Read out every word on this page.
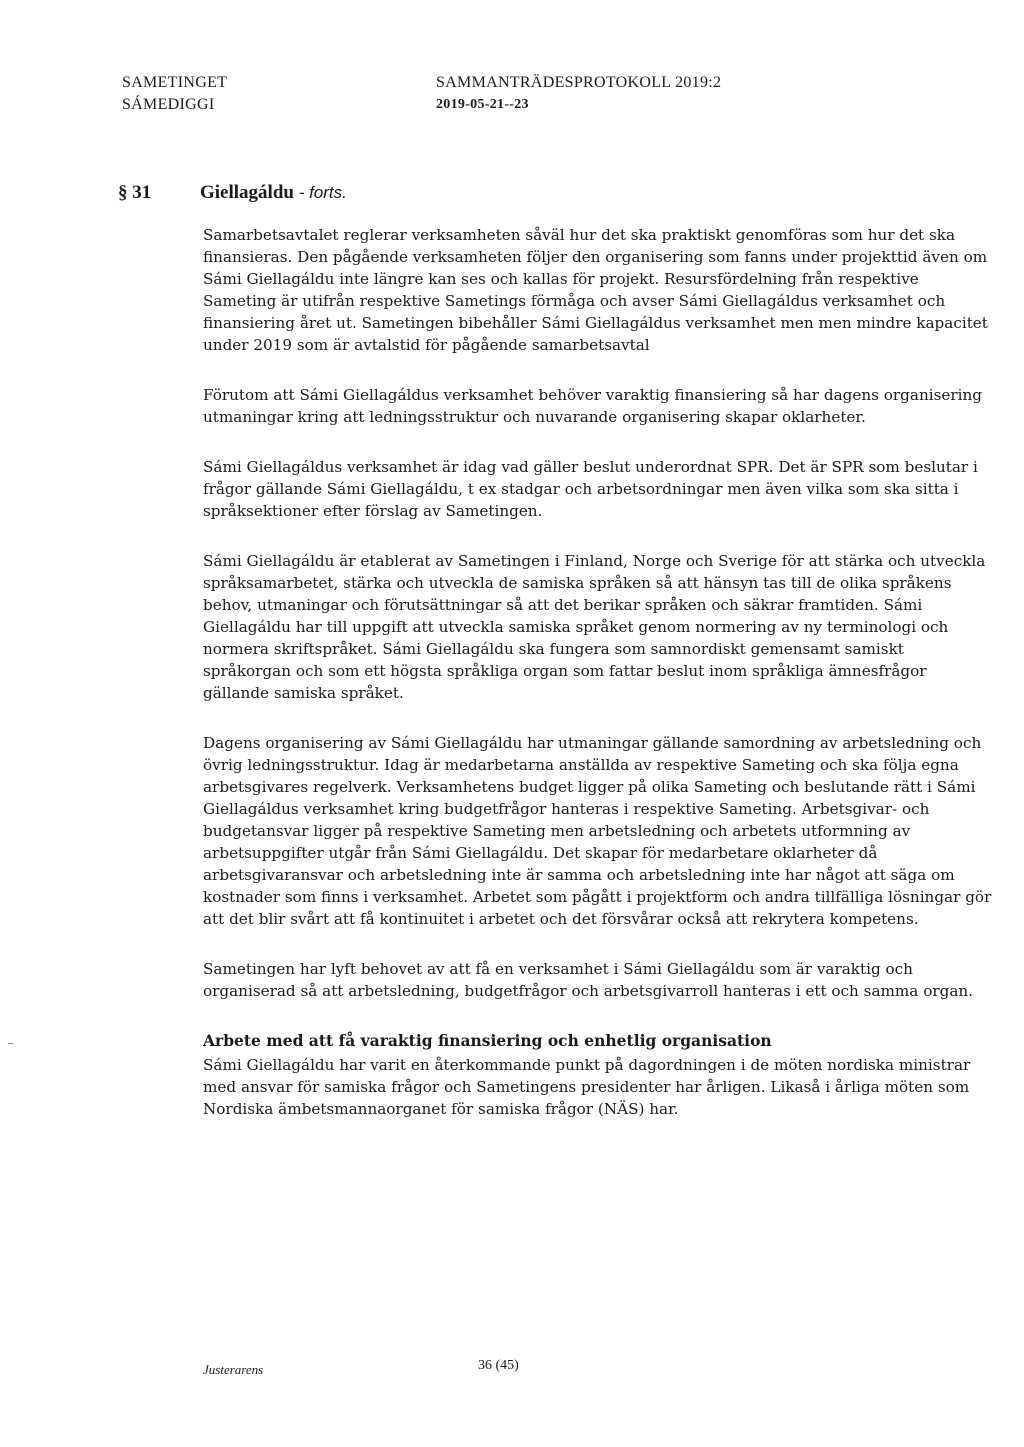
SAMETINGET
SÁMEDIGGI
SAMMANTRÄDESPROTOKOLL 2019:2
2019-05-21--23
§ 31	Giellagáldu - forts.

Samarbetsavtalet reglerar verksamheten såväl hur det ska praktiskt genomföras som hur det ska finansieras. Den pågående verksamheten följer den organisering som fanns under projekttid även om Sámi Giellagáldu inte längre kan ses och kallas för projekt. Resursfördelning från respektive Sameting är utifrån respektive Sametings förmåga och avser Sámi Giellagáldus verksamhet och finansiering året ut. Sametingen bibehåller Sámi Giellagáldus verksamhet men men mindre kapacitet under 2019 som är avtalstid för pågående samarbetsavtal

Förutom att Sámi Giellagáldus verksamhet behöver varaktig finansiering så har dagens organisering utmaningar kring att ledningsstruktur och nuvarande organisering skapar oklarheter.

Sámi Giellagáldus verksamhet är idag vad gäller beslut underordnat SPR. Det är SPR som beslutar i frågor gällande Sámi Giellagáldu, t ex stadgar och arbetsordningar men även vilka som ska sitta i språksektioner efter förslag av Sametingen.

Sámi Giellagáldu är etablerat av Sametingen i Finland, Norge och Sverige för att stärka och utveckla språksamarbetet, stärka och utveckla de samiska språken så att hänsyn tas till de olika språkens behov, utmaningar och förutsättningar så att det berikar språken och säkrar framtiden. Sámi Giellagáldu har till uppgift att utveckla samiska språket genom normering av ny terminologi och normera skriftspråket. Sámi Giellagáldu ska fungera som samnordiskt gemensamt samiskt språkorgan och som ett högsta språkliga organ som fattar beslut inom språkliga ämnesfrågor gällande samiska språket.

Dagens organisering av Sámi Giellagáldu har utmaningar gällande samordning av arbetsledning och övrig ledningsstruktur. Idag är medarbetarna anställda av respektive Sameting och ska följa egna arbetsgivares regelverk. Verksamhetens budget ligger på olika Sameting och beslutande rätt i Sámi Giellagáldus verksamhet kring budgetfrågor hanteras i respektive Sameting. Arbetsgivar- och budgetansvar ligger på respektive Sameting men arbetsledning och arbetets utformning av arbetsuppgifter utgår från Sámi Giellagáldu. Det skapar för medarbetare oklarheter då arbetsgivaransvar och arbetsledning inte är samma och arbetsledning inte har något att säga om kostnader som finns i verksamhet. Arbetet som pågått i projektform och andra tillfälliga lösningar gör att det blir svårt att få kontinuitet i arbetet och det försvårar också att rekrytera kompetens.

Sametingen har lyft behovet av att få en verksamhet i Sámi Giellagáldu som är varaktig och organiserad så att arbetsledning, budgetfrågor och arbetsgivarroll hanteras i ett och samma organ.

Arbete med att få varaktig finansiering och enhetlig organisation

Sámi Giellagáldu har varit en återkommande punkt på dagordningen i de möten nordiska ministrar med ansvar för samiska frågor och Sametingens presidenter har årligen. Likaså i årliga möten som Nordiska ämbetsmannaorganet för samiska frågor (NÄS) har.

Justerarens	36 (45)
